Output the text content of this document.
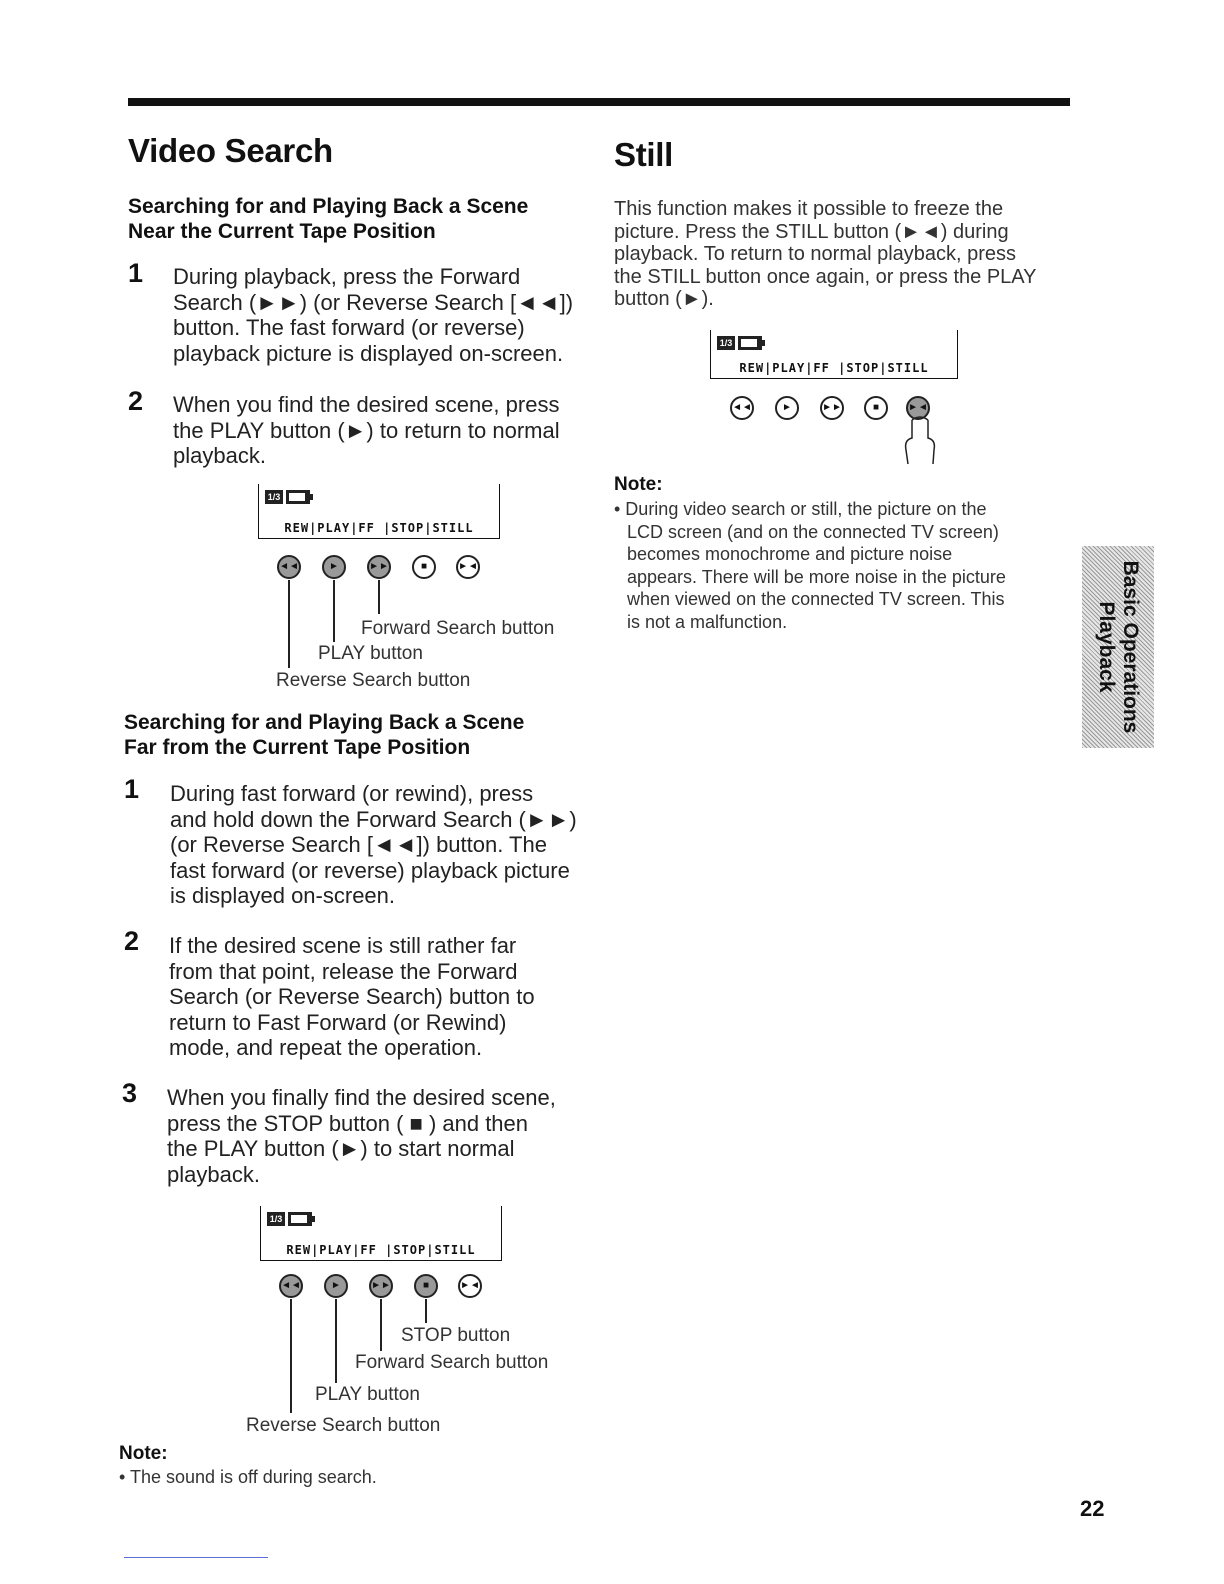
Video Search
Searching for and Playing Back a Scene
Near the Current Tape Position
1 During playback, press the Forward
Search (►►) (or Reverse Search [◄◄])
button. The fast forward (or reverse)
playback picture is displayed on-screen.
2 When you find the desired scene, press
the PLAY button (►) to return to normal
playback.
1/3
REW|PLAY|FF |STOP|STILL
◄◄	►	►►	■	►◄
Forward Search button
PLAY button
Reverse Search button
Searching for and Playing Back a Scene
Far from the Current Tape Position
1 During fast forward (or rewind), press
and hold down the Forward Search (►►)
(or Reverse Search [◄◄]) button. The
fast forward (or reverse) playback picture
is displayed on-screen.
2 If the desired scene is still rather far
from that point, release the Forward
Search (or Reverse Search) button to
return to Fast Forward (or Rewind)
mode, and repeat the operation.
3 When you finally find the desired scene,
press the STOP button ( ■ ) and then
the PLAY button (►) to start normal
playback.
1/3
REW|PLAY|FF |STOP|STILL
◄◄	►	►►	■	►◄
STOP button
Forward Search button
PLAY button
Reverse Search button
Note:
• The sound is off during search.
Still
This function makes it possible to freeze the
picture. Press the STILL button (►◄) during
playback. To return to normal playback, press
the STILL button once again, or press the PLAY
button (►).
1/3
REW|PLAY|FF |STOP|STILL
◄◄	►	►►	■	►◄
Note:
• During video search or still, the picture on the
LCD screen (and on the connected TV screen)
becomes monochrome and picture noise
appears. There will be more noise in the picture
when viewed on the connected TV screen. This
is not a malfunction.	Basic Operations
Playback
22
